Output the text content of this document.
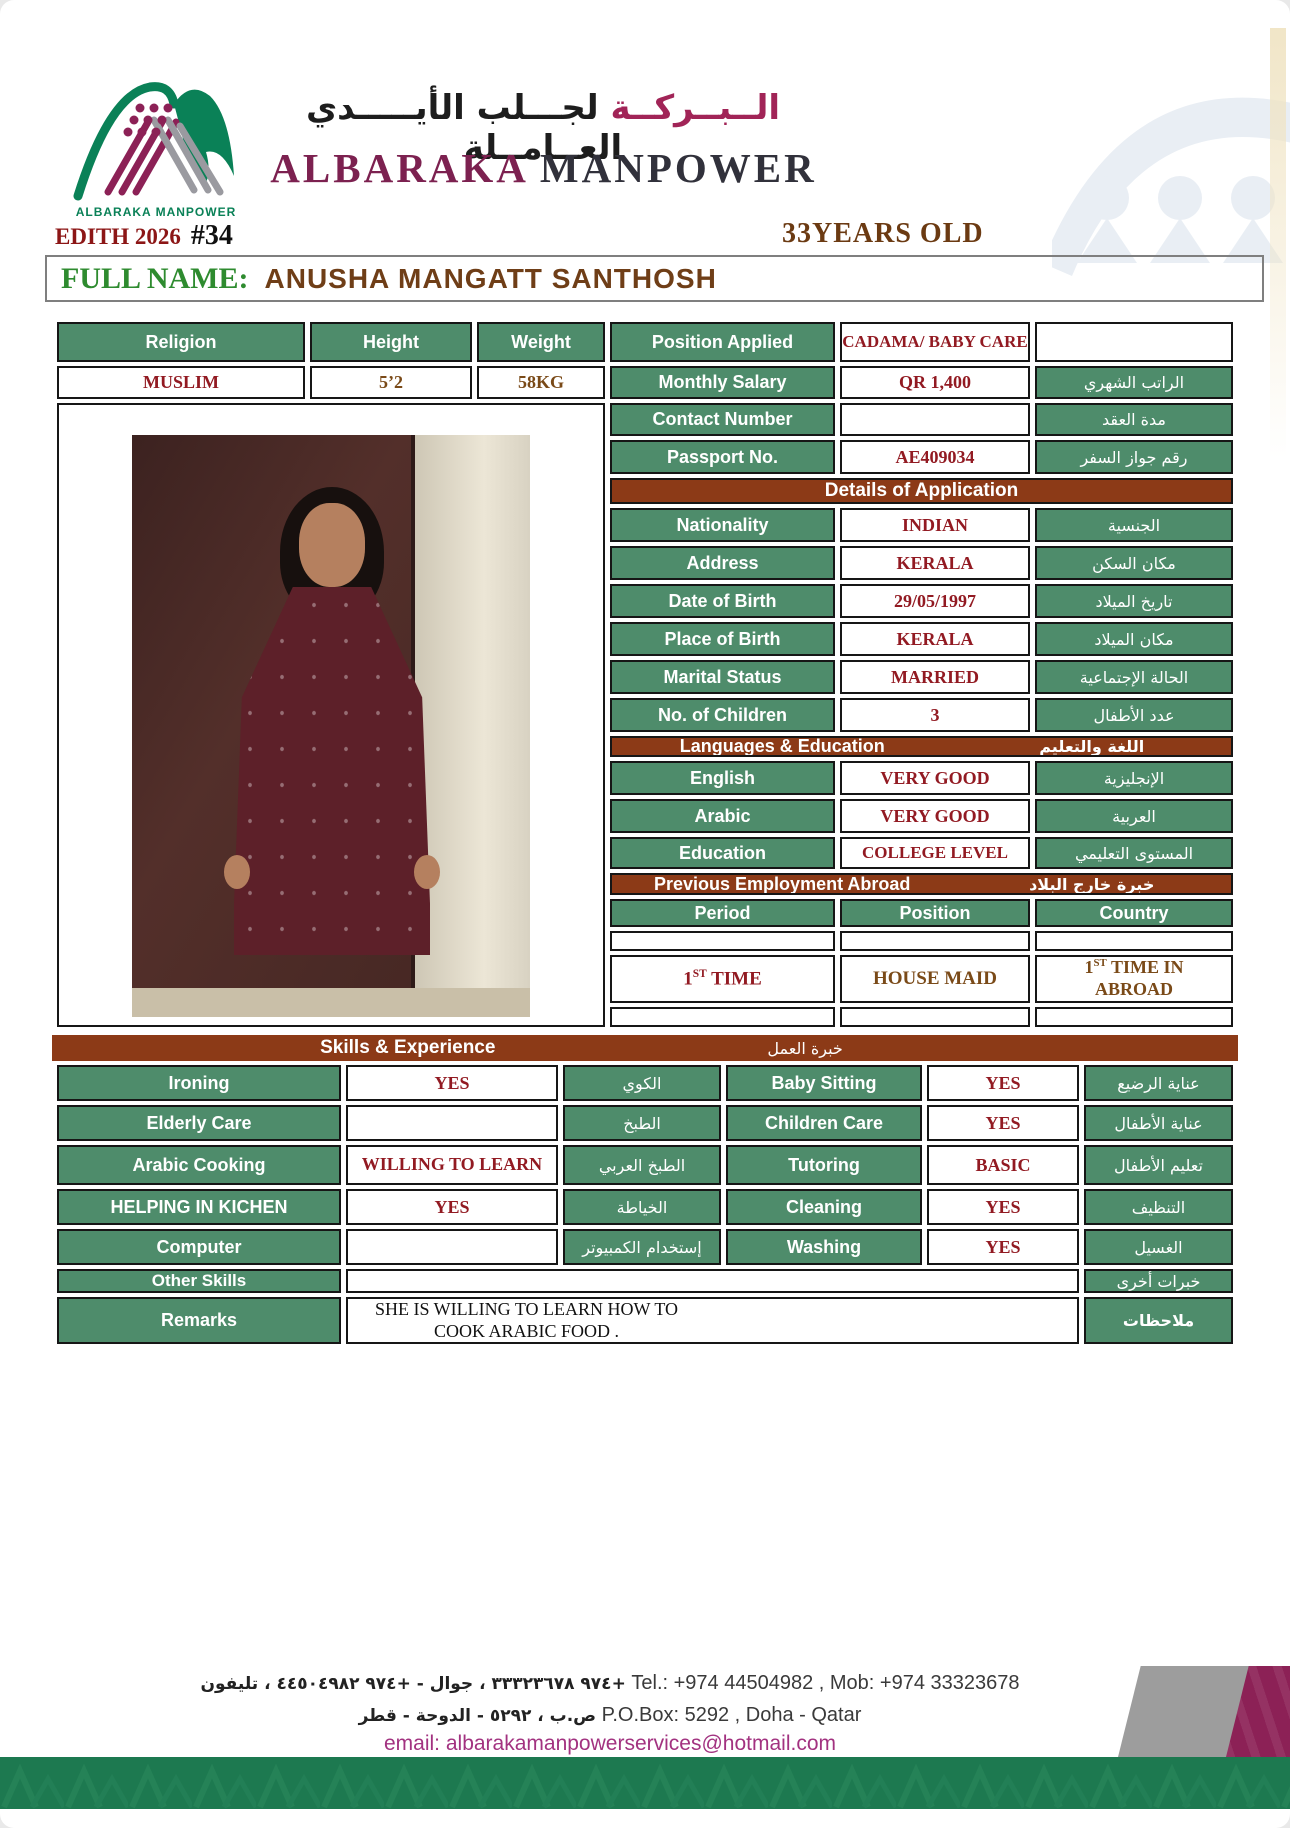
ALBARAKA MANPOWER
الــبــركــة لجـــلب الأيـــــدي العــامــلة
ALBARAKA MANPOWER
EDITH 2026 #34	33YEARS OLD
FULL NAME: ANUSHA MANGATT SANTHOSH
Religion	Height	Weight	Position Applied	CADAMA/ BABY CARE	
MUSLIM	5’2	58KG	Monthly Salary	QR 1,400	الراتب الشهري

			Contact Number		مدة العقد
			Passport No.	AE409034	رقم جواز السفر
			Details of Application		
			Nationality	INDIAN	الجنسية
			Address	KERALA	مكان السكن
			Date of Birth	29/05/1997	تاريخ الميلاد
			Place of Birth	KERALA	مكان الميلاد
			Marital Status	MARRIED	الحالة الإجتماعية
			No. of Children	3	عدد الأطفال

Languages & Education اللغة والتعليم		

			English	VERY GOOD	الإنجليزية
			Arabic	VERY GOOD	العربية
			Education	COLLEGE LEVEL	المستوى التعليمي

Previous Employment Abroad خبرة خارج البلاد		

			Period	Position	Country

			1ST TIME	HOUSE MAID	1ST TIME IN
ABROAD

Skills & Experience	خبرة العمل
Ironing	YES	الكوي	Baby Sitting	YES	عناية الرضيع
Elderly Care		الطبخ	Children Care	YES	عناية الأطفال
Arabic Cooking	WILLING TO LEARN	الطبخ العربي	Tutoring	BASIC	تعليم الأطفال
HELPING IN KICHEN	YES	الخياطة	Cleaning	YES	التنظيف
Computer		إستخدام الكمبيوتر	Washing	YES	الغسيل
Other Skills					خبرات أخرى
Remarks	SHE IS WILLING TO LEARN HOW TO
COOK ARABIC FOOD .				ملاحظات
+٩٧٤ ٣٣٣٢٣٦٧٨ ، جوال - +٩٧٤ ٤٤٥٠٤٩٨٢ ، تليفون Tel.: +974 44504982 , Mob: +974 33323678
ص.ب ، ٥٢٩٢ - الدوحة - قطر P.O.Box: 5292 , Doha - Qatar
email: albarakamanpowerservices@hotmail.com
